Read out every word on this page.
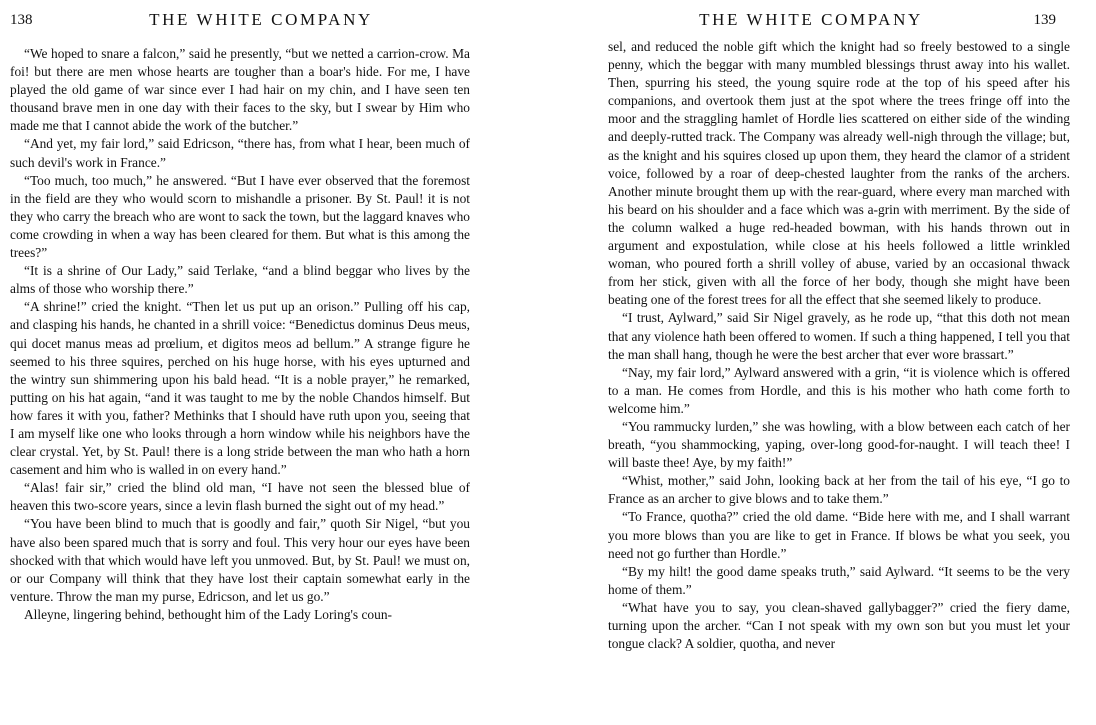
138	THE WHITE COMPANY

“We hoped to snare a falcon,” said he presently, “but we netted a carrion-crow. Ma foi! but there are men whose hearts are tougher than a boar's hide. For me, I have played the old game of war since ever I had hair on my chin, and I have seen ten thousand brave men in one day with their faces to the sky, but I swear by Him who made me that I cannot abide the work of the butcher.”

“And yet, my fair lord,” said Edricson, “there has, from what I hear, been much of such devil's work in France.”

“Too much, too much,” he answered. “But I have ever observed that the foremost in the field are they who would scorn to mishandle a prisoner. By St. Paul! it is not they who carry the breach who are wont to sack the town, but the laggard knaves who come crowding in when a way has been cleared for them. But what is this among the trees?”

“It is a shrine of Our Lady,” said Terlake, “and a blind beggar who lives by the alms of those who worship there.”

“A shrine!” cried the knight. “Then let us put up an orison.” Pulling off his cap, and clasping his hands, he chanted in a shrill voice: “Benedictus dominus Deus meus, qui docet manus meas ad prœlium, et digitos meos ad bellum.” A strange figure he seemed to his three squires, perched on his huge horse, with his eyes upturned and the wintry sun shimmering upon his bald head. “It is a noble prayer,” he remarked, putting on his hat again, “and it was taught to me by the noble Chandos himself. But how fares it with you, father? Methinks that I should have ruth upon you, seeing that I am myself like one who looks through a horn window while his neighbors have the clear crystal. Yet, by St. Paul! there is a long stride between the man who hath a horn casement and him who is walled in on every hand.”

“Alas! fair sir,” cried the blind old man, “I have not seen the blessed blue of heaven this two-score years, since a levin flash burned the sight out of my head.”

“You have been blind to much that is goodly and fair,” quoth Sir Nigel, “but you have also been spared much that is sorry and foul. This very hour our eyes have been shocked with that which would have left you unmoved. But, by St. Paul! we must on, or our Company will think that they have lost their captain somewhat early in the venture. Throw the man my purse, Edricson, and let us go.”

Alleyne, lingering behind, bethought him of the Lady Loring's coun-

THE WHITE COMPANY	139

sel, and reduced the noble gift which the knight had so freely bestowed to a single penny, which the beggar with many mumbled blessings thrust away into his wallet. Then, spurring his steed, the young squire rode at the top of his speed after his companions, and overtook them just at the spot where the trees fringe off into the moor and the straggling hamlet of Hordle lies scattered on either side of the winding and deeply-rutted track. The Company was already well-nigh through the village; but, as the knight and his squires closed up upon them, they heard the clamor of a strident voice, followed by a roar of deep-chested laughter from the ranks of the archers. Another minute brought them up with the rear-guard, where every man marched with his beard on his shoulder and a face which was a-grin with merriment. By the side of the column walked a huge red-headed bowman, with his hands thrown out in argument and expostulation, while close at his heels followed a little wrinkled woman, who poured forth a shrill volley of abuse, varied by an occasional thwack from her stick, given with all the force of her body, though she might have been beating one of the forest trees for all the effect that she seemed likely to produce.

“I trust, Aylward,” said Sir Nigel gravely, as he rode up, “that this doth not mean that any violence hath been offered to women. If such a thing happened, I tell you that the man shall hang, though he were the best archer that ever wore brassart.”

“Nay, my fair lord,” Aylward answered with a grin, “it is violence which is offered to a man. He comes from Hordle, and this is his mother who hath come forth to welcome him.”

“You rammucky lurden,” she was howling, with a blow between each catch of her breath, “you shammocking, yaping, over-long good-for-naught. I will teach thee! I will baste thee! Aye, by my faith!”

“Whist, mother,” said John, looking back at her from the tail of his eye, “I go to France as an archer to give blows and to take them.”

“To France, quotha?” cried the old dame. “Bide here with me, and I shall warrant you more blows than you are like to get in France. If blows be what you seek, you need not go further than Hordle.”

“By my hilt! the good dame speaks truth,” said Aylward. “It seems to be the very home of them.”

“What have you to say, you clean-shaved gallybagger?” cried the fiery dame, turning upon the archer. “Can I not speak with my own son but you must let your tongue clack? A soldier, quotha, and never
